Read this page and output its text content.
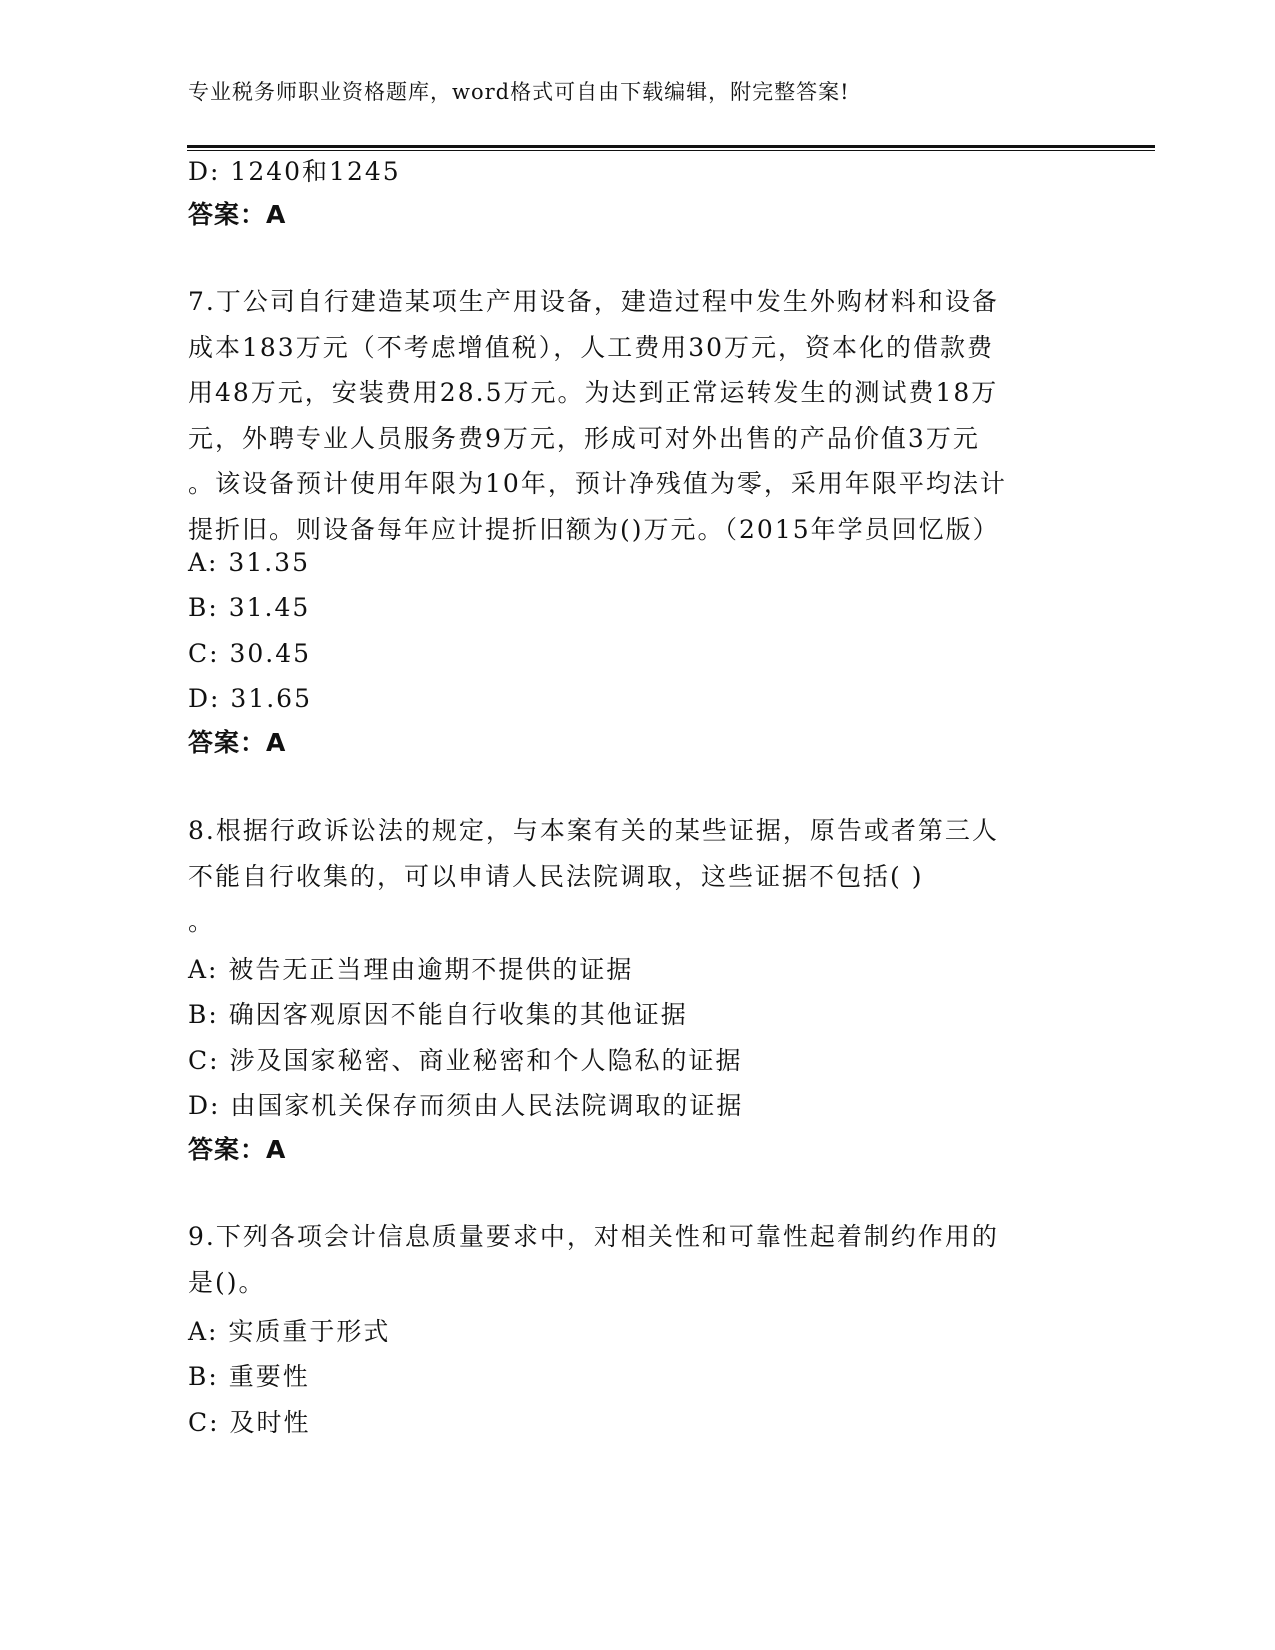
专业税务师职业资格题库，word格式可自由下载编辑，附完整答案!
D: 1240和1245
答案：A
7.丁公司自行建造某项生产用设备，建造过程中发生外购材料和设备
成本183万元（不考虑增值税），人工费用30万元，资本化的借款费
用48万元，安装费用28.5万元。为达到正常运转发生的测试费18万
元，外聘专业人员服务费9万元，形成可对外出售的产品价值3万元
。该设备预计使用年限为10年，预计净残值为零，采用年限平均法计
提折旧。则设备每年应计提折旧额为()万元。（2015年学员回忆版）
A: 31.35
B: 31.45
C: 30.45
D: 31.65
答案：A
8.根据行政诉讼法的规定，与本案有关的某些证据，原告或者第三人
不能自行收集的，可以申请人民法院调取，这些证据不包括( )
。
A: 被告无正当理由逾期不提供的证据
B: 确因客观原因不能自行收集的其他证据
C: 涉及国家秘密、商业秘密和个人隐私的证据
D: 由国家机关保存而须由人民法院调取的证据
答案：A
9.下列各项会计信息质量要求中，对相关性和可靠性起着制约作用的
是()。
A: 实质重于形式
B: 重要性
C: 及时性
